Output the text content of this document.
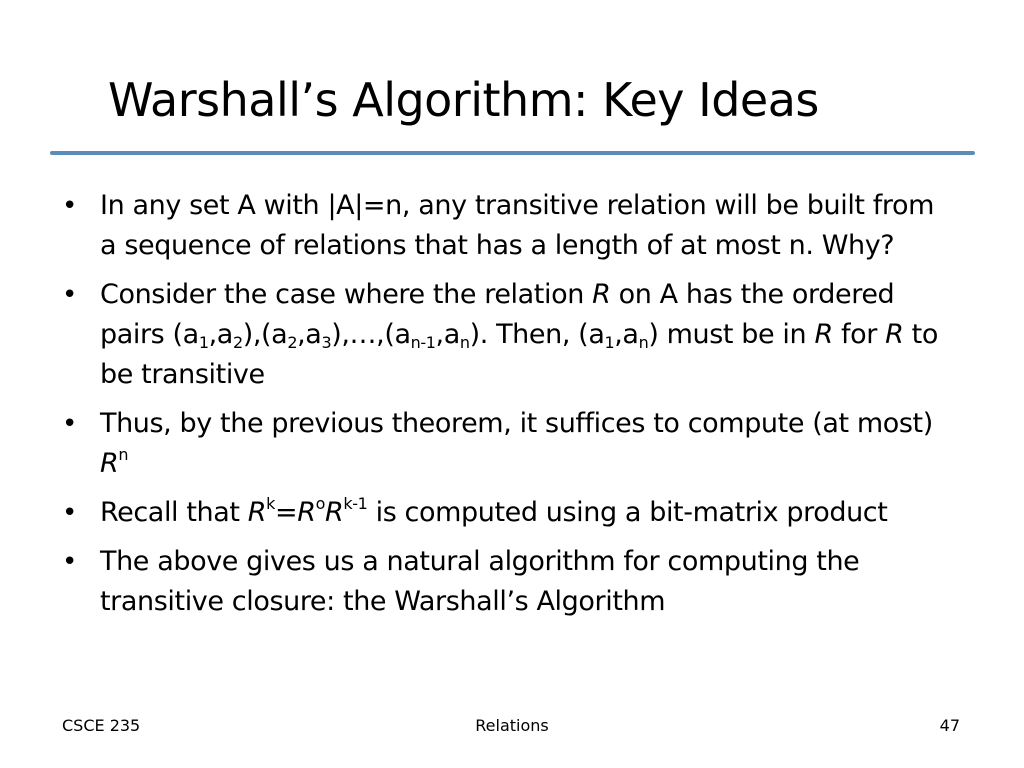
Warshall’s Algorithm: Key Ideas
• In any set A with |A|=n, any transitive relation will be built from a sequence of relations that has a length of at most n. Why?
• Consider the case where the relation R on A has the ordered pairs $(a_1,a_2),(a_2,a_3),\dots,(a_{n-1},a_n)$. Then, $(a_1,a_n)$ must be in R for R to be transitive
• Thus, by the previous theorem, it suffices to compute (at most) $R^n$
• Recall that $R^k=R^oR^{k-1}$ is computed using a bit-matrix product
• The above gives us a natural algorithm for computing the transitive closure: the Warshall’s Algorithm
CSCE 235	Relations	47
